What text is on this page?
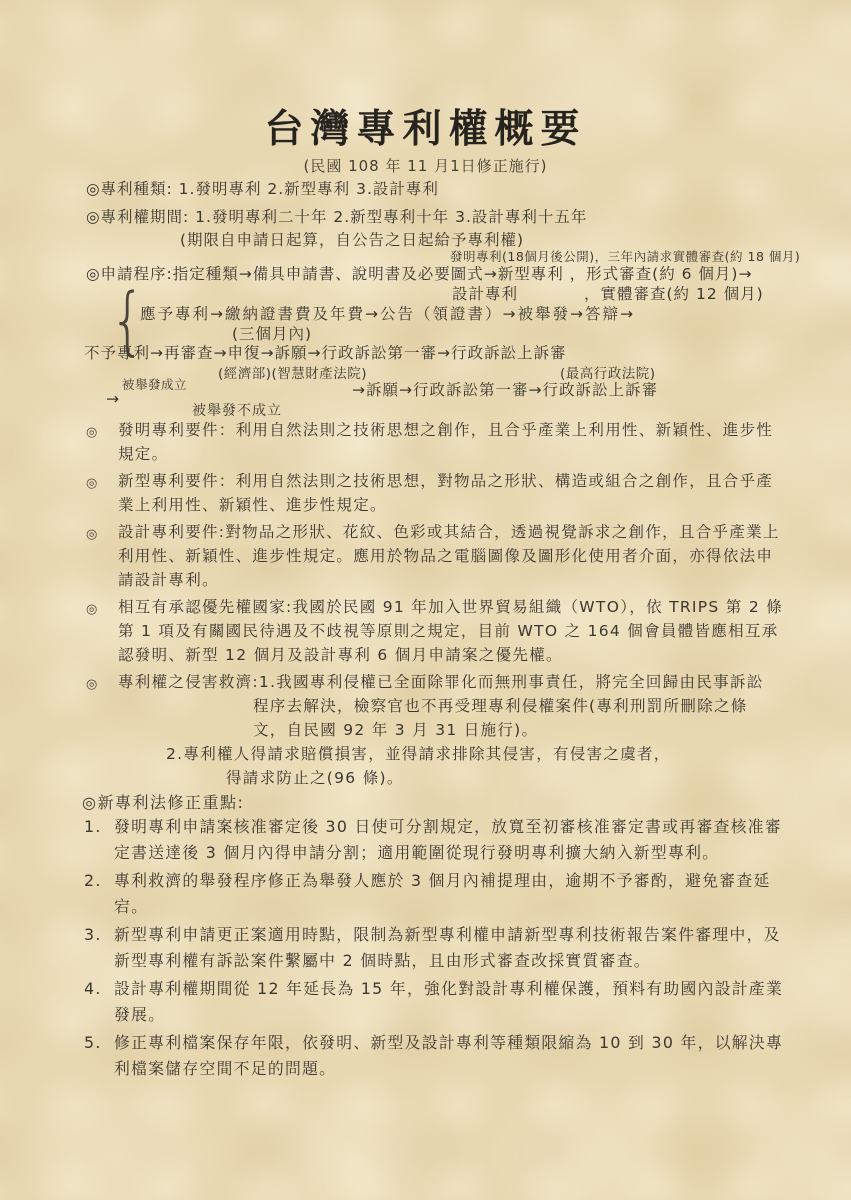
台灣專利權概要
(民國 108 年 11 月1日修正施行)
◎專利種類: 1.發明專利 2.新型專利 3.設計專利
◎專利權期間: 1.發明專利二十年 2.新型專利十年 3.設計專利十五年
(期限自申請日起算，自公告之日起給予專利權)
發明專利(18個月後公開)，三年內請求實體審查(約 18 個月)
◎申請程序:指定種類→備具申請書、說明書及必要圖式→新型專利 ，形式審查(約 6 個月)→
設計專利	，實體審查(約 12 個月)
{
應予專利→繳納證書費及年費→公告（領證書）→被舉發→答辯→
(三個月內)
不予專利→再審查→申復→訴願→行政訴訟第一審→行政訴訟上訴審
(經濟部)(智慧財產法院)	(最高行政法院)
被舉發成立	→訴願→行政訴訟第一審→行政訴訟上訴審
→
被舉發不成立
◎ 發明專利要件：利用自然法則之技術思想之創作，且合乎產業上利用性、新穎性、進步性規定。
◎ 新型專利要件：利用自然法則之技術思想，對物品之形狀、構造或組合之創作，且合乎產業上利用性、新穎性、進步性規定。
◎ 設計專利要件:對物品之形狀、花紋、色彩或其結合，透過視覺訴求之創作，且合乎產業上利用性、新穎性、進步性規定。應用於物品之電腦圖像及圖形化使用者介面，亦得依法申請設計專利。
◎ 相互有承認優先權國家:我國於民國 91 年加入世界貿易組織（WTO），依 TRIPS 第 2 條第 1 項及有關國民待遇及不歧視等原則之規定，目前 WTO 之 164 個會員體皆應相互承認發明、新型 12 個月及設計專利 6 個月申請案之優先權。
◎ 專利權之侵害救濟:1.我國專利侵權已全面除罪化而無刑事責任，將完全回歸由民事訴訟
程序去解決，檢察官也不再受理專利侵權案件(專利刑罰所刪除之條
文，自民國 92 年 3 月 31 日施行)。
2.專利權人得請求賠償損害，並得請求排除其侵害，有侵害之虞者，
得請求防止之(96 條)。
◎新專利法修正重點:
1. 發明專利申請案核准審定後 30 日使可分割規定，放寬至初審核准審定書或再審查核准審定書送達後 3 個月內得申請分割；適用範圍從現行發明專利擴大納入新型專利。
2. 專利救濟的舉發程序修正為舉發人應於 3 個月內補提理由，逾期不予審酌，避免審查延宕。
3. 新型專利申請更正案適用時點，限制為新型專利權申請新型專利技術報告案件審理中，及新型專利權有訴訟案件繫屬中 2 個時點，且由形式審查改採實質審查。
4. 設計專利權期間從 12 年延長為 15 年，強化對設計專利權保護，預料有助國內設計產業發展。
5. 修正專利檔案保存年限，依發明、新型及設計專利等種類限縮為 10 到 30 年，以解決專利檔案儲存空間不足的問題。
